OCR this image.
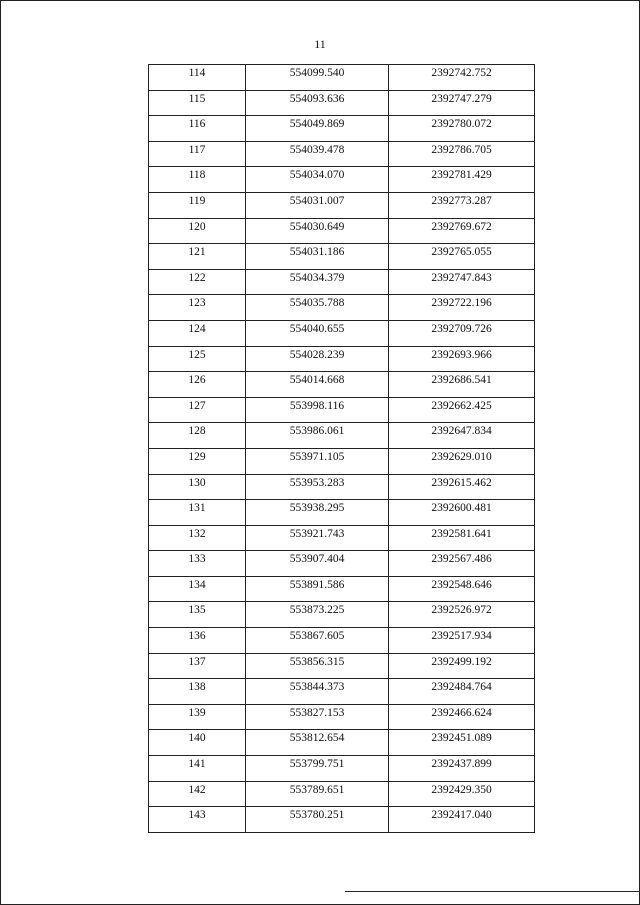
11
114	554099.540	2392742.752
115	554093.636	2392747.279
116	554049.869	2392780.072
117	554039.478	2392786.705
118	554034.070	2392781.429
119	554031.007	2392773.287
120	554030.649	2392769.672
121	554031.186	2392765.055
122	554034.379	2392747.843
123	554035.788	2392722.196
124	554040.655	2392709.726
125	554028.239	2392693.966
126	554014.668	2392686.541
127	553998.116	2392662.425
128	553986.061	2392647.834
129	553971.105	2392629.010
130	553953.283	2392615.462
131	553938.295	2392600.481
132	553921.743	2392581.641
133	553907.404	2392567.486
134	553891.586	2392548.646
135	553873.225	2392526.972
136	553867.605	2392517.934
137	553856.315	2392499.192
138	553844.373	2392484.764
139	553827.153	2392466.624
140	553812.654	2392451.089
141	553799.751	2392437.899
142	553789.651	2392429.350
143	553780.251	2392417.040
